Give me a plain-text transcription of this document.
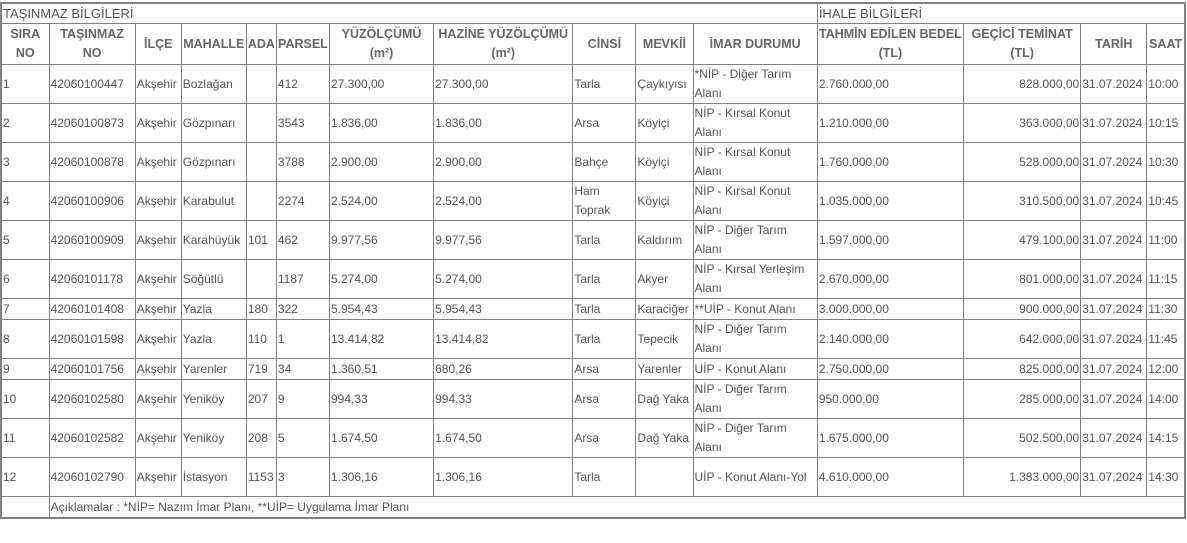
TAŞINMAZ BİLGİLERİ											İHALE BİLGİLERİ			
SIRA NO	TAŞINMAZ NO	İLÇE	MAHALLE	ADA	PARSEL	YÜZÖLÇÜMÜ (m²)	HAZİNE YÜZÖLÇÜMÜ (m²)	CİNSİ	MEVKİİ	İMAR DURUMU	TAHMİN EDİLEN BEDEL (TL)	GEÇİCİ TEMİNAT (TL)	TARİH	SAAT
1	42060100447	Akşehir	Bozlağan		412	27.300,00	27.300,00	Tarla	Çaykıyısı	*NİP - Diğer Tarım Alanı	2.760.000,00	828.000,00	31.07.2024	10:00
2	42060100873	Akşehir	Gözpınarı		3543	1.836,00	1.836,00	Arsa	Köyiçi	NİP - Kırsal Konut Alanı	1.210.000,00	363.000,00	31.07.2024	10:15
3	42060100878	Akşehir	Gözpınarı		3788	2.900,00	2.900,00	Bahçe	Köyiçi	NİP - Kırsal Konut Alanı	1.760.000,00	528.000,00	31.07.2024	10:30
4	42060100906	Akşehir	Karabulut		2274	2.524,00	2.524,00	Ham Toprak	Köyiçi	NİP - Kırsal Konut Alanı	1.035.000,00	310.500,00	31.07.2024	10:45
5	42060100909	Akşehir	Karahüyük	101	462	9.977,56	9.977,56	Tarla	Kaldırım	NİP - Diğer Tarım Alanı	1.597.000,00	479.100,00	31.07.2024	11:00
6	42060101178	Akşehir	Söğütlü		1187	5.274,00	5.274,00	Tarla	Akyer	NİP - Kırsal Yerleşim Alanı	2.670.000,00	801.000,00	31.07.2024	11:15
7	42060101408	Akşehir	Yazla	180	322	5.954,43	5.954,43	Tarla	Karaciğer	**UİP - Konut Alanı	3.000.000,00	900.000,00	31.07.2024	11:30
8	42060101598	Akşehir	Yazla	110	1	13.414,82	13.414,82	Tarla	Tepecik	NİP - Diğer Tarım Alanı	2.140.000,00	642.000,00	31.07.2024	11:45
9	42060101756	Akşehir	Yarenler	719	34	1.360,51	680,26	Arsa	Yarenler	UİP - Konut Alanı	2.750.000,00	825.000,00	31.07.2024	12:00
10	42060102580	Akşehir	Yeniköy	207	9	994,33	994,33	Arsa	Dağ Yaka	NİP - Diğer Tarım Alanı	950.000,00	285.000,00	31.07.2024	14:00
11	42060102582	Akşehir	Yeniköy	208	5	1.674,50	1.674,50	Arsa	Dağ Yaka	NİP - Diğer Tarım Alanı	1.675.000,00	502.500,00	31.07.2024	14:15
12	42060102790	Akşehir	İstasyon	1153	3	1.306,16	1.306,16	Tarla		UİP - Konut Alanı-Yol	4.610.000,00	1.383.000,00	31.07.2024	14:30
	Açıklamalar : *NİP= Nazım İmar Planı, **UİP= Uygulama İmar Planı													
